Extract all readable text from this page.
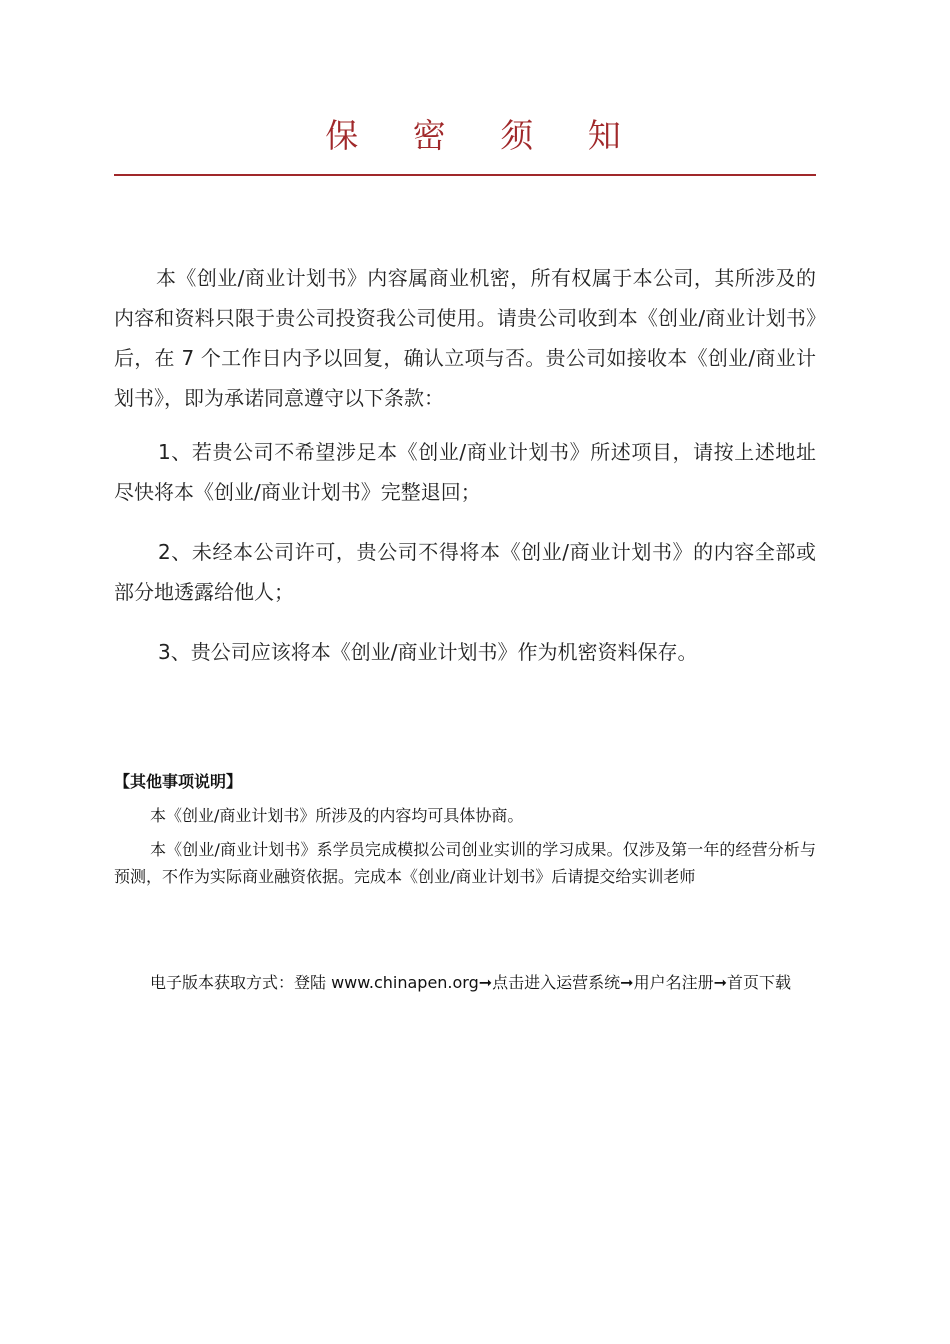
保 密 须 知

本《创业/商业计划书》内容属商业机密，所有权属于本公司，其所涉及的内容和资料只限于贵公司投资我公司使用。请贵公司收到本《创业/商业计划书》后，在 7 个工作日内予以回复，确认立项与否。贵公司如接收本《创业/商业计划书》，即为承诺同意遵守以下条款：

1、若贵公司不希望涉足本《创业/商业计划书》所述项目，请按上述地址尽快将本《创业/商业计划书》完整退回；

2、未经本公司许可，贵公司不得将本《创业/商业计划书》的内容全部或部分地透露给他人；

3、贵公司应该将本《创业/商业计划书》作为机密资料保存。

【其他事项说明】

本《创业/商业计划书》所涉及的内容均可具体协商。

本《创业/商业计划书》系学员完成模拟公司创业实训的学习成果。仅涉及第一年的经营分析与预测，不作为实际商业融资依据。完成本《创业/商业计划书》后请提交给实训老师

电子版本获取方式：登陆 www.chinapen.org➞点击进入运营系统➞用户名注册➞首页下载
